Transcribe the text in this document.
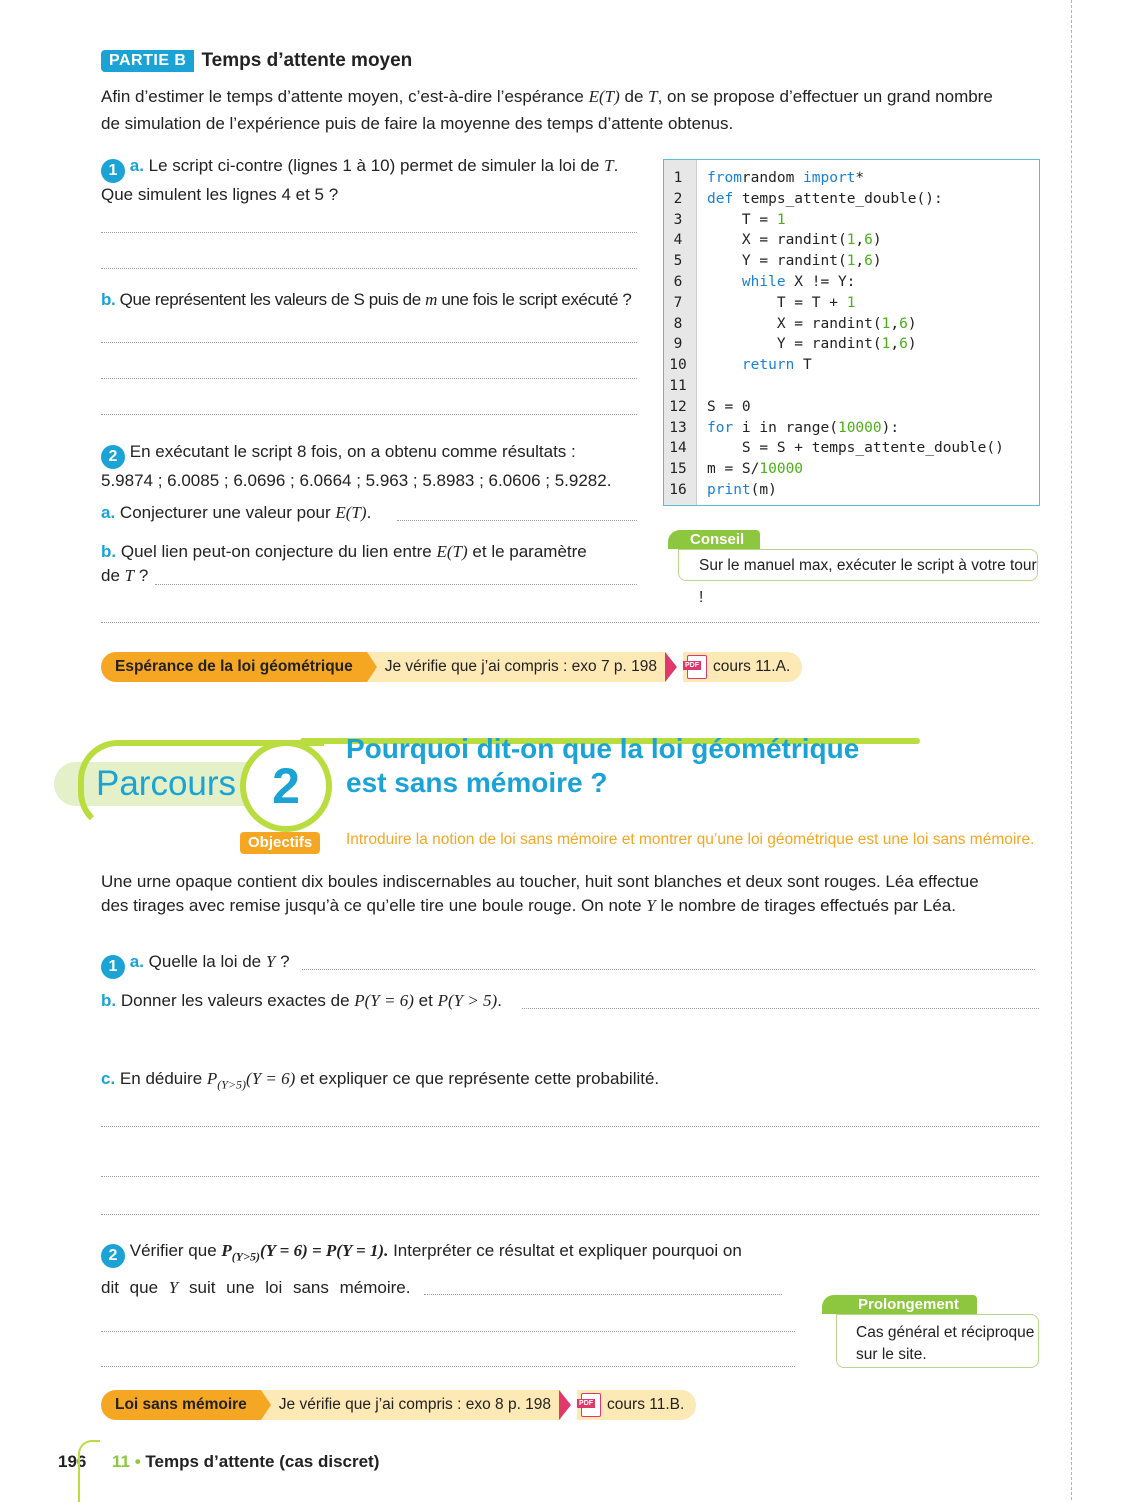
PARTIE B Temps d’attente moyen
Afin d’estimer le temps d’attente moyen, c’est-à-dire l’espérance E(T) de T, on se propose d’effectuer un grand nombre
de simulation de l’expérience puis de faire la moyenne des temps d’attente obtenus.
1 a. Le script ci-contre (lignes 1 à 10) permet de simuler la loi de T.
Que simulent les lignes 4 et 5 ?
b. Que représentent les valeurs de S puis de m une fois le script exécuté ?
2 En exécutant le script 8 fois, on a obtenu comme résultats :
5.9874 ; 6.0085 ; 6.0696 ; 6.0664 ; 5.963 ; 5.8983 ; 6.0606 ; 5.9282.
a. Conjecturer une valeur pour E(T).
b. Quel lien peut-on conjecture du lien entre E(T) et le paramètre
de T ?
1	fromrandom import*
2	def temps_attente_double():
3	T = 1
4	X = randint(1,6)
5	Y = randint(1,6)
6	while X != Y:
7	T = T + 1
8	X = randint(1,6)
9	Y = randint(1,6)
10	return T
11
12	S = 0
13	for i in range(10000):
14	S = S + temps_attente_double()
15	m = S/10000
16	print(m)
Conseil
Sur le manuel max, exécuter le script à votre tour !
Espérance de la loi géométrique	Je vérifie que j’ai compris : exo 7 p. 198	PDF cours 11.A.
Parcours 2
Pourquoi dit-on que la loi géométrique
est sans mémoire ?
Objectifs	Introduire la notion de loi sans mémoire et montrer qu’une loi géométrique est une loi sans mémoire.
Une urne opaque contient dix boules indiscernables au toucher, huit sont blanches et deux sont rouges. Léa effectue
des tirages avec remise jusqu’à ce qu’elle tire une boule rouge. On note Y le nombre de tirages effectués par Léa.
1 a. Quelle la loi de Y ?
b. Donner les valeurs exactes de P(Y = 6) et P(Y > 5).
c. En déduire $P_{(Y>5)}(Y = 6)$ et expliquer ce que représente cette probabilité.
2 Vérifier que $P_{(Y>5)}(Y = 6) = P(Y = 1)$. Interpréter ce résultat et expliquer pourquoi on
dit que Y suit une loi sans mémoire.
Prolongement
Cas général et réciproque
sur le site.
Loi sans mémoire	Je vérifie que j’ai compris : exo 8 p. 198	PDF cours 11.B.
196 11 • Temps d’attente (cas discret)
